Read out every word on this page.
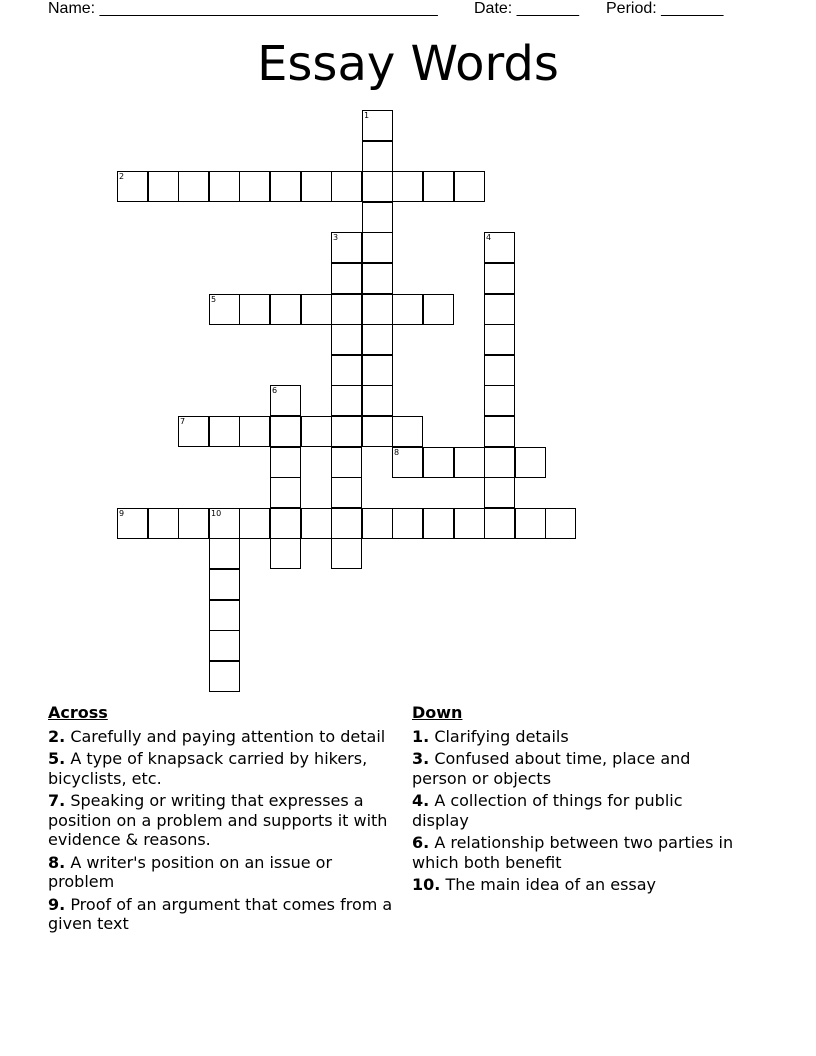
Name: ______________________________________ Date: _______ Period: _______
Essay Words
2
5
7
8
9	10
1
3	4
6
Across
2. Carefully and paying attention to detail
5. A type of knapsack carried by hikers, bicyclists, etc.
7. Speaking or writing that expresses a position on a problem and supports it with evidence & reasons.
8. A writer's position on an issue or problem
9. Proof of an argument that comes from a given text
Down
1. Clarifying details
3. Confused about time, place and person or objects
4. A collection of things for public display
6. A relationship between two parties in which both benefit
10. The main idea of an essay
